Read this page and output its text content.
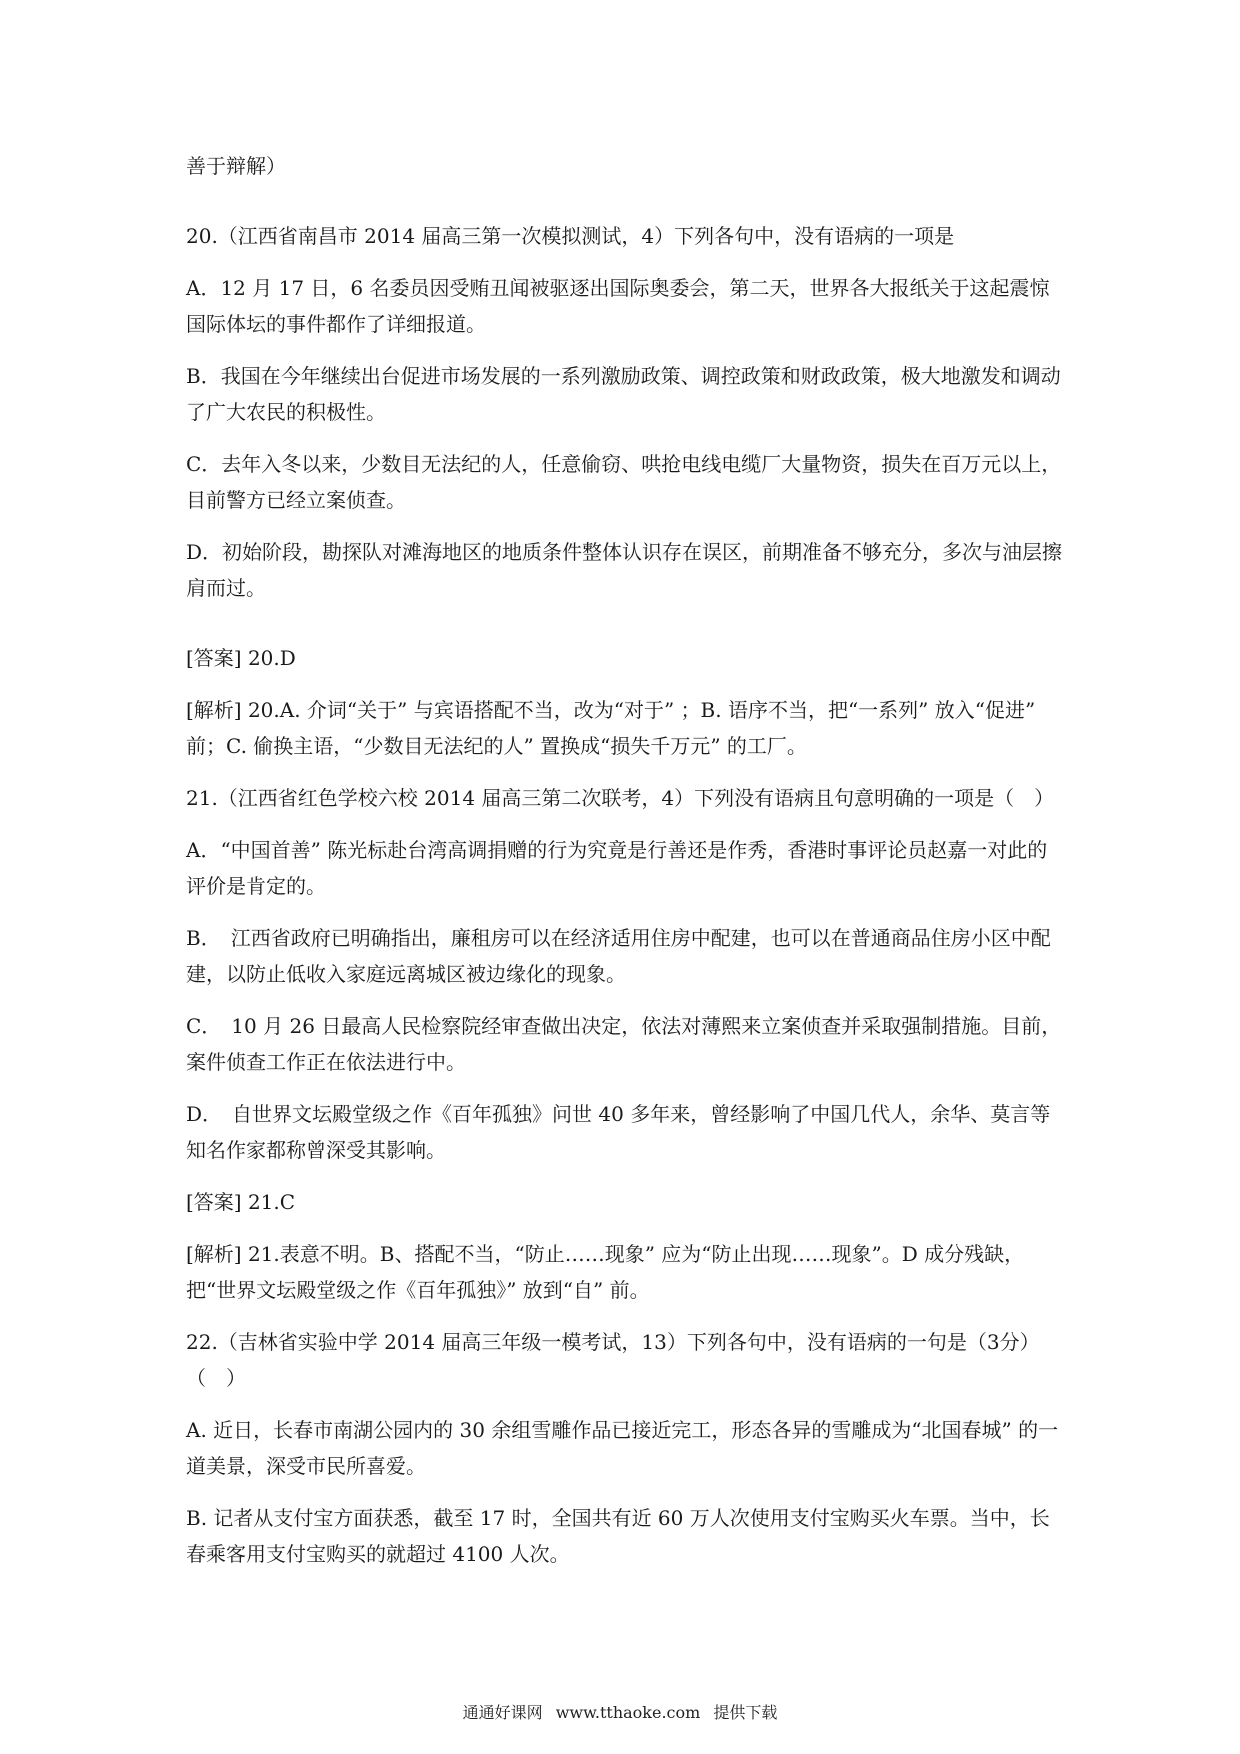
善于辩解）

20.（江西省南昌市 2014 届高三第一次模拟测试，4）下列各句中，没有语病的一项是

A．12 月 17 日，6 名委员因受贿丑闻被驱逐出国际奥委会，第二天，世界各大报纸关于这起震惊国际体坛的事件都作了详细报道。

B．我国在今年继续出台促进市场发展的一系列激励政策、调控政策和财政政策，极大地激发和调动了广大农民的积极性。

C．去年入冬以来，少数目无法纪的人，任意偷窃、哄抢电线电缆厂大量物资，损失在百万元以上，目前警方已经立案侦查。

D．初始阶段，勘探队对滩海地区的地质条件整体认识存在误区，前期准备不够充分，多次与油层擦肩而过。

[答案] 20.D

[解析] 20.A. 介词“关于” 与宾语搭配不当，改为“对于” ；B. 语序不当，把“一系列” 放入“促进” 前；C. 偷换主语，“少数目无法纪的人” 置换成“损失千万元” 的工厂。

21.（江西省红色学校六校 2014 届高三第二次联考，4）下列没有语病且句意明确的一项是（　）

A．“中国首善” 陈光标赴台湾高调捐赠的行为究竟是行善还是作秀，香港时事评论员赵嘉一对此的评价是肯定的。

B．　江西省政府已明确指出，廉租房可以在经济适用住房中配建，也可以在普通商品住房小区中配建，以防止低收入家庭远离城区被边缘化的现象。

C．　10 月 26 日最高人民检察院经审查做出决定，依法对薄熙来立案侦查并采取强制措施。目前，案件侦查工作正在依法进行中。

D．　自世界文坛殿堂级之作《百年孤独》问世 40 多年来，曾经影响了中国几代人，余华、莫言等知名作家都称曾深受其影响。

[答案] 21.C

[解析] 21.表意不明。B、搭配不当，“防止……现象” 应为“防止出现……现象”。D 成分残缺，把“世界文坛殿堂级之作《百年孤独》” 放到“自” 前。

22.（吉林省实验中学 2014 届高三年级一模考试，13）下列各句中，没有语病的一句是（3分）（　）

A. 近日，长春市南湖公园内的 30 余组雪雕作品已接近完工，形态各异的雪雕成为“北国春城” 的一道美景，深受市民所喜爱。

B. 记者从支付宝方面获悉，截至 17 时，全国共有近 60 万人次使用支付宝购买火车票。当中，长春乘客用支付宝购买的就超过 4100 人次。

通通好课网 www.tthaoke.com 提供下载
